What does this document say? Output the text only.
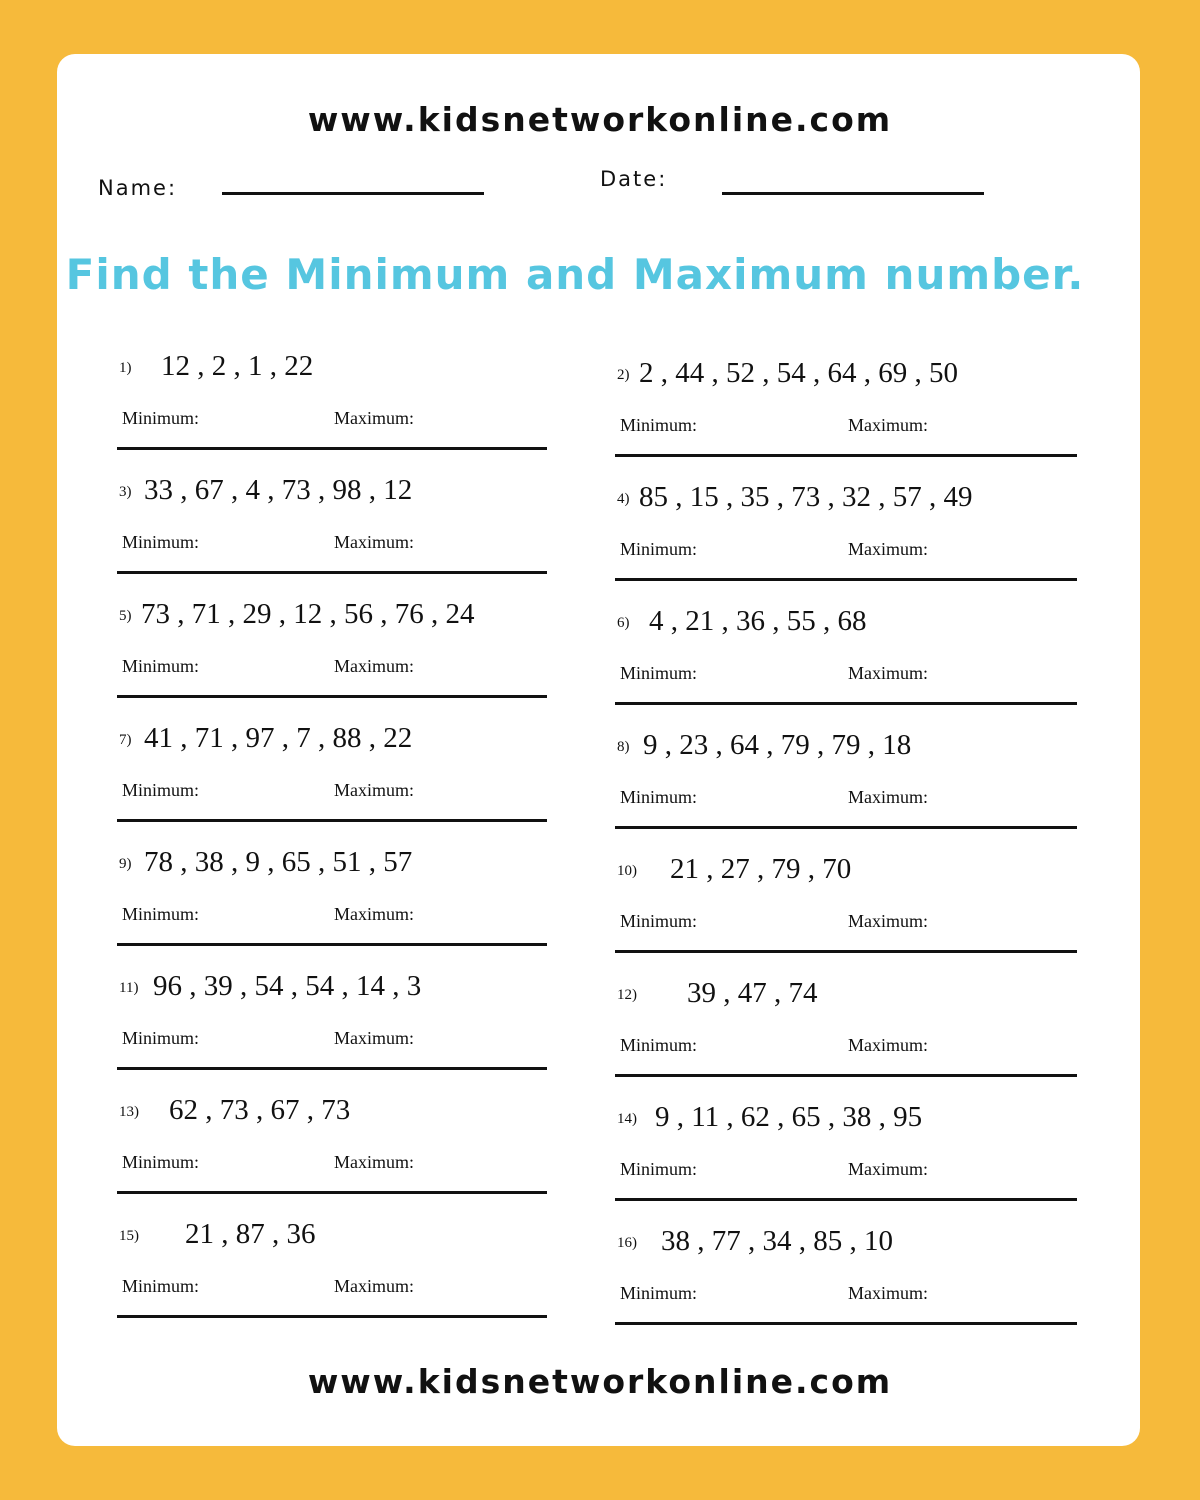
www.kidsnetworkonline.com
Name:	Date:
Find the Minimum and Maximum number.
1) 12 , 2 , 1 , 22
Minimum:	Maximum:
3) 33 , 67 , 4 , 73 , 98 , 12
Minimum:	Maximum:
5) 73 , 71 , 29 , 12 , 56 , 76 , 24
Minimum:	Maximum:
7) 41 , 71 , 97 , 7 , 88 , 22
Minimum:	Maximum:
9) 78 , 38 , 9 , 65 , 51 , 57
Minimum:	Maximum:
11) 96 , 39 , 54 , 54 , 14 , 3
Minimum:	Maximum:
13) 62 , 73 , 67 , 73
Minimum:	Maximum:
15) 21 , 87 , 36
Minimum:	Maximum:
2) 2 , 44 , 52 , 54 , 64 , 69 , 50
Minimum:	Maximum:
4) 85 , 15 , 35 , 73 , 32 , 57 , 49
Minimum:	Maximum:
6) 4 , 21 , 36 , 55 , 68
Minimum:	Maximum:
8) 9 , 23 , 64 , 79 , 79 , 18
Minimum:	Maximum:
10) 21 , 27 , 79 , 70
Minimum:	Maximum:
12) 39 , 47 , 74
Minimum:	Maximum:
14) 9 , 11 , 62 , 65 , 38 , 95
Minimum:	Maximum:
16) 38 , 77 , 34 , 85 , 10
Minimum:	Maximum:
www.kidsnetworkonline.com
